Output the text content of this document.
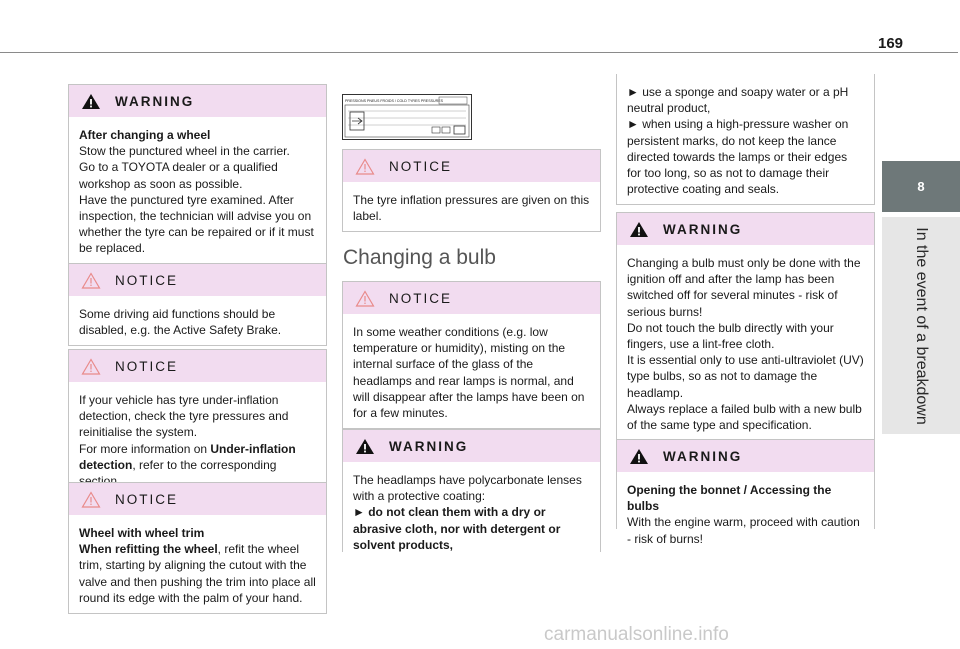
169
8
In the event of a breakdown
WARNING

After changing a wheel

Stow the punctured wheel in the carrier.

Go to a TOYOTA dealer or a qualified workshop as soon as possible.

Have the punctured tyre examined. After inspection, the technician will advise you on whether the tyre can be repaired or if it must be replaced.

NOTICE

Some driving aid functions should be disabled, e.g. the Active Safety Brake.

NOTICE

If your vehicle has tyre under-inflation detection, check the tyre pressures and reinitialise the system.

For more information on Under-inflation detection, refer to the corresponding

NOTICE

Wheel with wheel trim

When refitting the wheel, refit the wheel trim, starting by aligning the cutout with the valve and then pushing the trim into place all round its edge with the palm of your hand.

PRESSIONS PNEUS FROIDS / COLD TYRES PRESSURES
NOTICE

The tyre inflation pressures are given on this label.

Changing a bulb
NOTICE

In some weather conditions (e.g. low temperature or humidity), misting on the internal surface of the glass of the headlamps and rear lamps is normal, and will disappear after the lamps have been on for a few minutes.

WARNING

The headlamps have polycarbonate lenses with a protective coating:

► do not clean them with a dry or abrasive cloth, nor with detergent or solvent products,

► use a sponge and soapy water or a pH neutral product,

► when using a high-pressure washer on persistent marks, do not keep the lance directed towards the lamps or their edges for too long, so as not to damage their protective coating and seals.

WARNING

Changing a bulb must only be done with the ignition off and after the lamp has been switched off for several minutes - risk of serious burns!

Do not touch the bulb directly with your fingers, use a lint-free cloth.

It is essential only to use anti-ultraviolet (UV) type bulbs, so as not to damage the headlamp.

Always replace a failed bulb with a new bulb of the same type and specification.

WARNING

Opening the bonnet / Accessing the bulbs

With the engine warm, proceed with caution - risk of burns!

carmanualsonline.info
